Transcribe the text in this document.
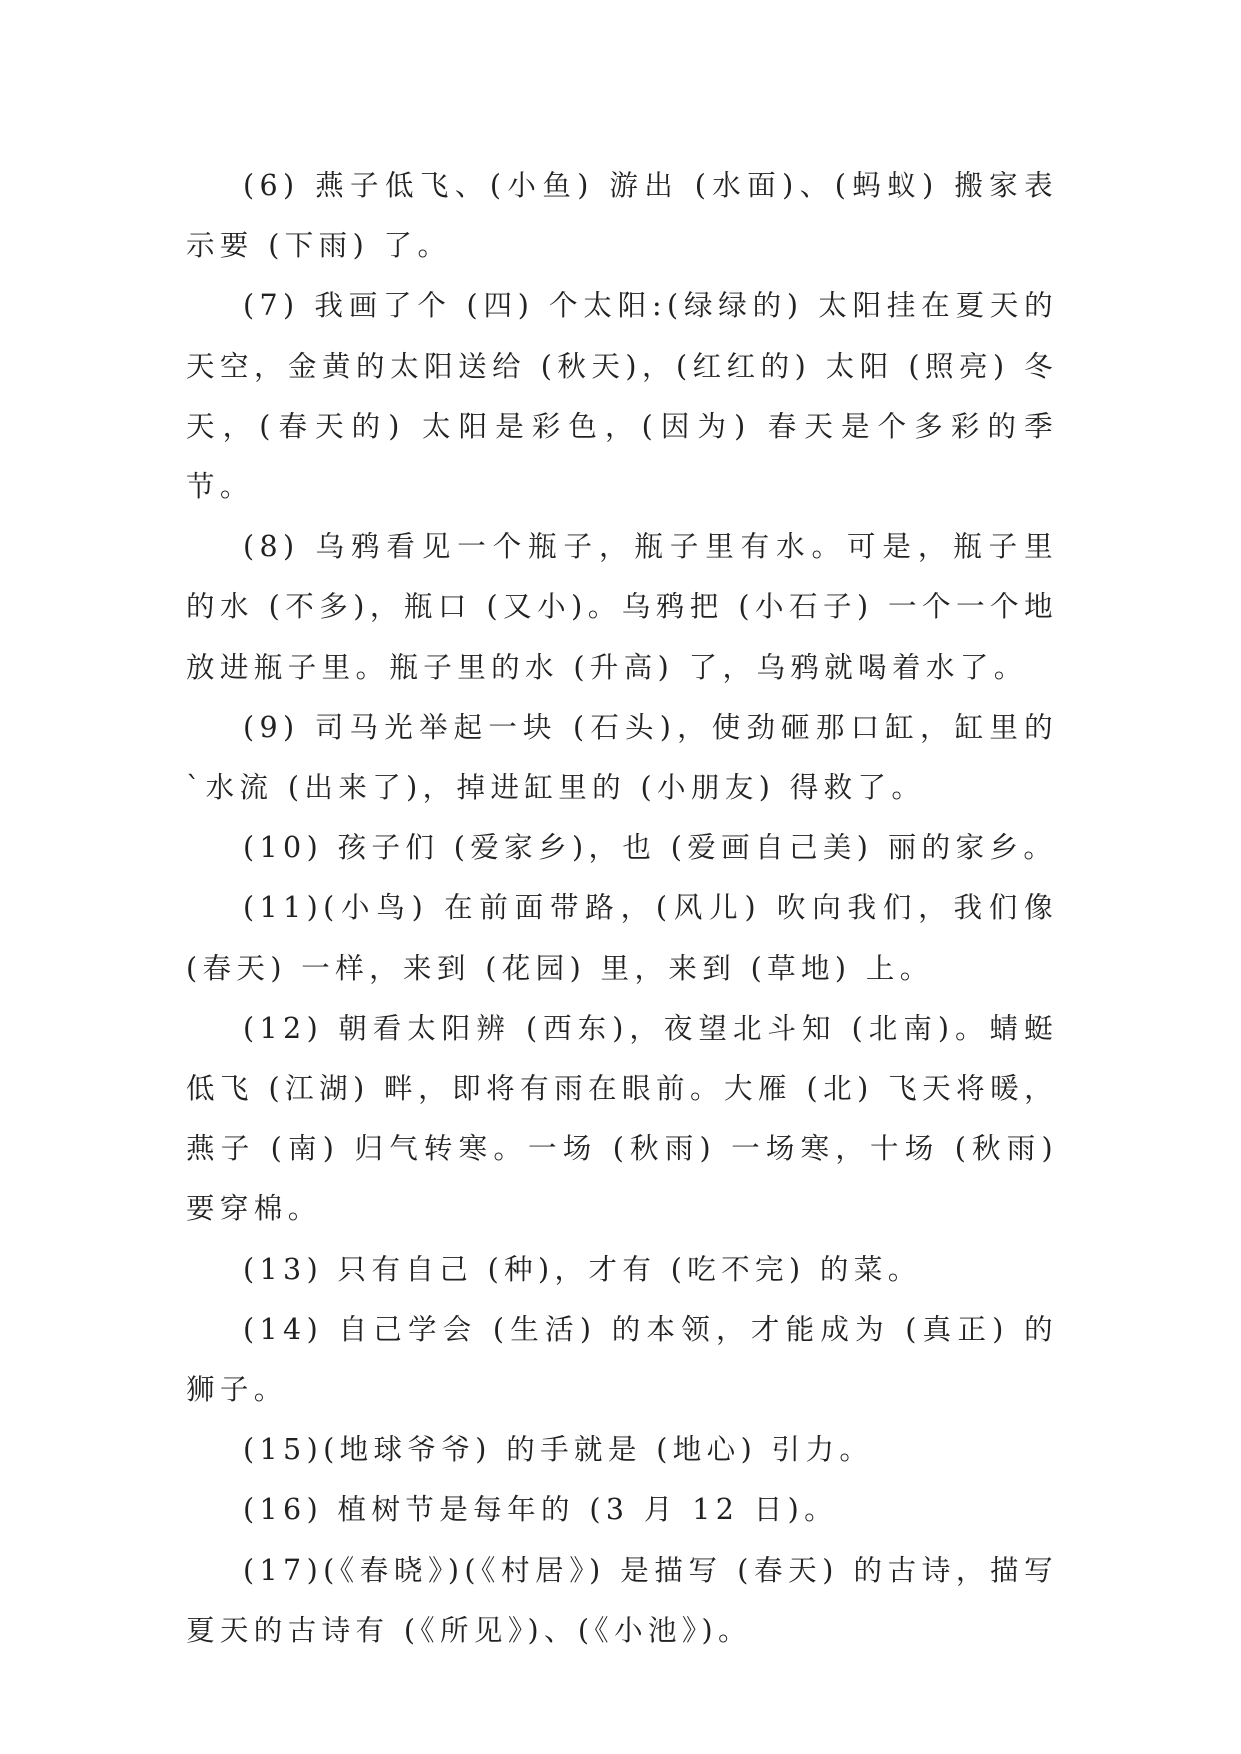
(6) 燕子低飞、(小鱼) 游出 (水面)、(蚂蚁) 搬家表示要 (下雨) 了。

(7) 我画了个 (四) 个太阳:(绿绿的) 太阳挂在夏天的天空，金黄的太阳送给 (秋天)，(红红的) 太阳 (照亮) 冬天，(春天的) 太阳是彩色，(因为) 春天是个多彩的季节。

(8) 乌鸦看见一个瓶子，瓶子里有水。可是，瓶子里的水 (不多)，瓶口 (又小)。乌鸦把 (小石子) 一个一个地放进瓶子里。瓶子里的水 (升高) 了，乌鸦就喝着水了。

(9) 司马光举起一块 (石头)，使劲砸那口缸，缸里的`水流 (出来了)，掉进缸里的 (小朋友) 得救了。

(10) 孩子们 (爱家乡)，也 (爱画自己美) 丽的家乡。

(11)(小鸟) 在前面带路，(风儿) 吹向我们，我们像 (春天) 一样，来到 (花园) 里，来到 (草地) 上。

(12) 朝看太阳辨 (西东)，夜望北斗知 (北南)。蜻蜓低飞 (江湖) 畔，即将有雨在眼前。大雁 (北) 飞天将暖，燕子 (南) 归气转寒。一场 (秋雨) 一场寒，十场 (秋雨) 要穿棉。

(13) 只有自己 (种)，才有 (吃不完) 的菜。

(14) 自己学会 (生活) 的本领，才能成为 (真正) 的狮子。

(15)(地球爷爷) 的手就是 (地心) 引力。

(16) 植树节是每年的 (3 月 12 日)。

(17)(《春晓》)(《村居》) 是描写 (春天) 的古诗，描写夏天的古诗有 (《所见》)、(《小池》)。
